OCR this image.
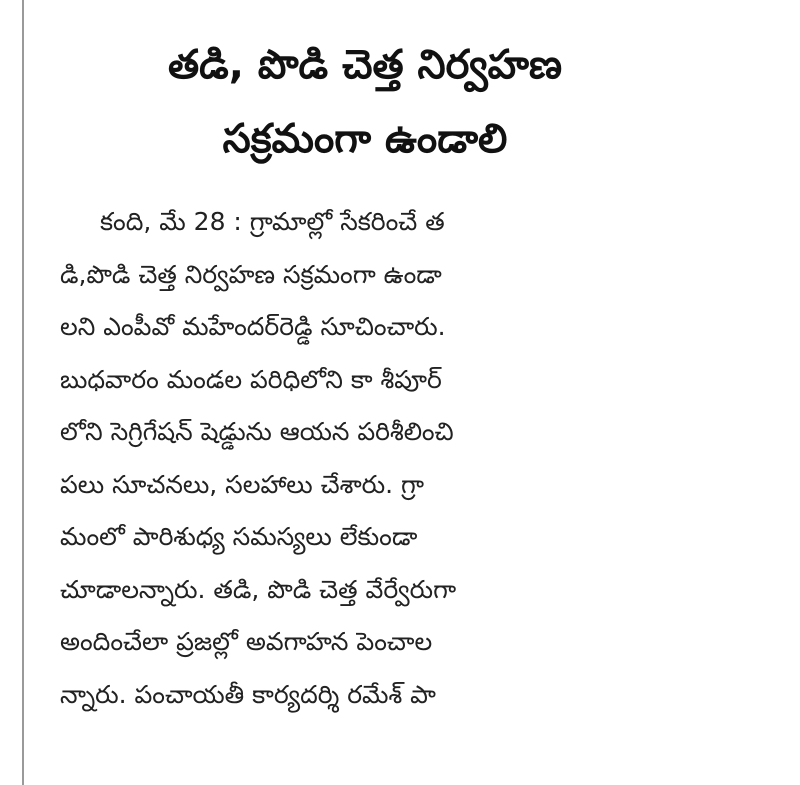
తడి, పొడి చెత్త నిర్వహణ
సక్రమంగా ఉండాలి
కంది, మే 28 : గ్రామాల్లో సేకరించే త
డి,పొడి చెత్త నిర్వహణ సక్రమంగా ఉండా
లని ఎంపీవో మహేందర్‌రెడ్డి సూచించారు.
బుధవారం మండల పరిధిలోని కా శీపూర్
లోని సెగ్రిగేషన్ షెడ్డును ఆయన పరిశీలించి
పలు సూచనలు, సలహాలు చేశారు. గ్రా
మంలో పారిశుధ్య సమస్యలు లేకుండా
చూడాలన్నారు. తడి, పొడి చెత్త వేర్వేరుగా
అందించేలా ప్రజల్లో అవగాహన పెంచాల
న్నారు. పంచాయతీ కార్యదర్శి రమేశ్ పా
